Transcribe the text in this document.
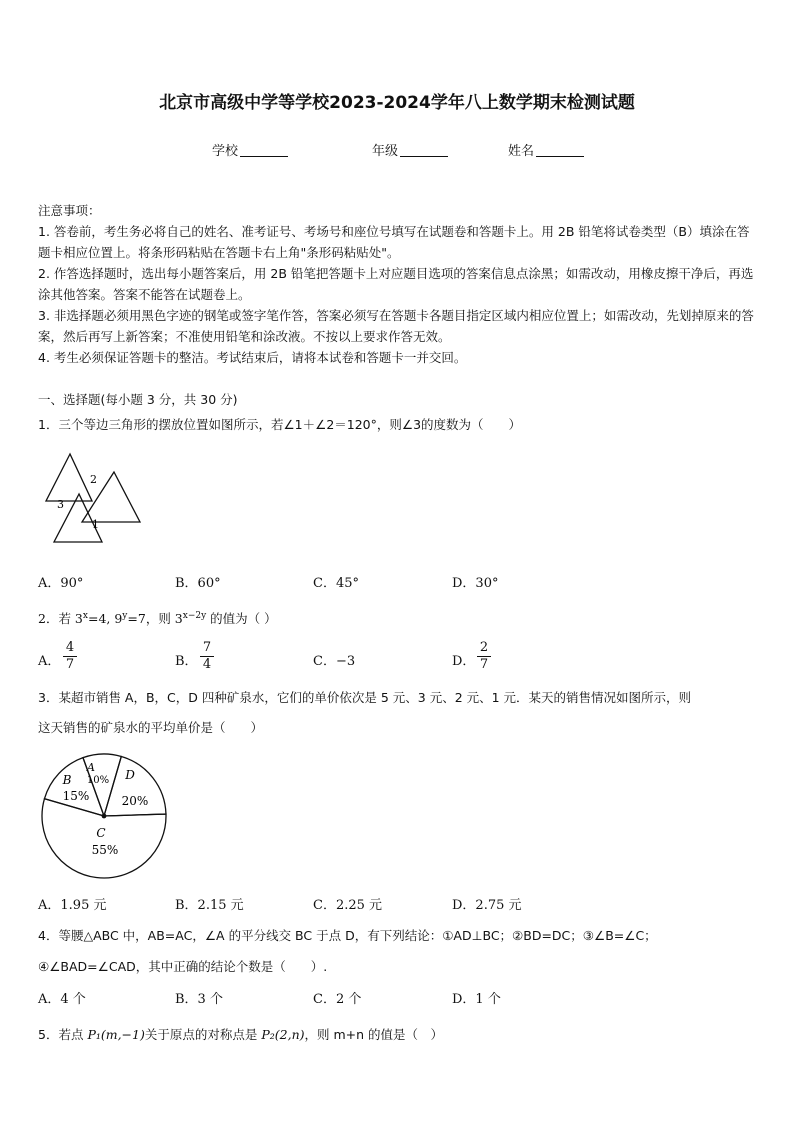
北京市高级中学等学校2023-2024学年八上数学期末检测试题
学校	年级	姓名
注意事项：
1. 答卷前，考生务必将自己的姓名、准考证号、考场号和座位号填写在试题卷和答题卡上。用 2B 铅笔将试卷类型（B）填涂在答题卡相应位置上。将条形码粘贴在答题卡右上角"条形码粘贴处"。
2. 作答选择题时，选出每小题答案后，用 2B 铅笔把答题卡上对应题目选项的答案信息点涂黑；如需改动，用橡皮擦干净后，再选涂其他答案。答案不能答在试题卷上。
3. 非选择题必须用黑色字迹的钢笔或签字笔作答，答案必须写在答题卡各题目指定区域内相应位置上；如需改动，先划掉原来的答案，然后再写上新答案；不准使用铅笔和涂改液。不按以上要求作答无效。
4. 考生必须保证答题卡的整洁。考试结束后，请将本试卷和答题卡一并交回。
一、选择题(每小题 3 分，共 30 分)
1．三个等边三角形的摆放位置如图所示，若∠1＋∠2＝120°，则∠3的度数为（　　）
2
3
1
A．90°	B．60°	C．45°	D．30°
2．若 $3^x=4$, $9^y=7$，则 $3^{x-2y}$ 的值为（ ）
A． $\frac{4}{7}$	B． $\frac{7}{4}$	C．−3	D． $\frac{2}{7}$
3．某超市销售 A，B，C，D 四种矿泉水，它们的单价依次是 5 元、3 元、2 元、1 元．某天的销售情况如图所示，则
这天销售的矿泉水的平均单价是（　　）
A
10% D
20%
C
55%
B
15%
A．1.95 元	B．2.15 元	C．2.25 元	D．2.75 元
4．等腰△ABC 中，AB=AC，∠A 的平分线交 BC 于点 D，有下列结论：①AD⊥BC；②BD=DC；③∠B=∠C；
④∠BAD=∠CAD，其中正确的结论个数是（　　）.
A．4 个	B．3 个	C．2 个	D．1 个
5．若点 P₁(m,−1)关于原点的对称点是 P₂(2,n)，则 m+n 的值是（　）
